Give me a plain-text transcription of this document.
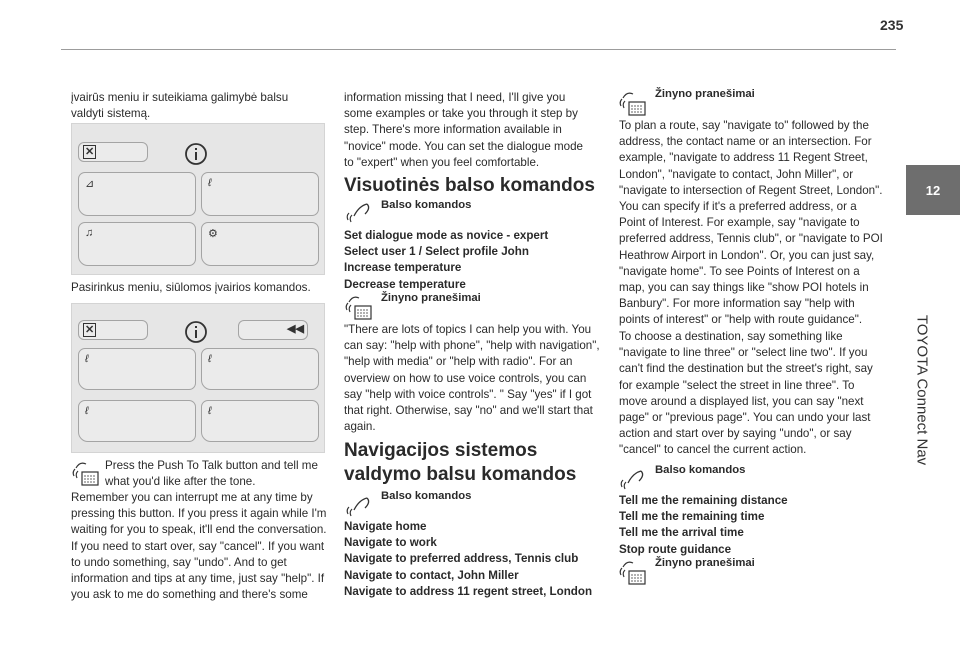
235
12
TOYOTA Connect Nav

įvairūs meniu ir suteikiama galimybė balsu valdyti sistemą.

✕
⊿	ℓ
♫	⚙

Pasirinkus meniu, siūlomos įvairios komandos.

✕	◀◀
ℓ	ℓ
ℓ	ℓ

Press the Push To Talk button and tell me what you'd like after the tone.

Remember you can interrupt me at any time by pressing this button. If you press it again while I'm waiting for you to speak, it'll end the conversation. If you need to start over, say "cancel". If you want to undo something, say "undo". And to get information and tips at any time, just say "help". If you ask to me do something and there's some

information missing that I need, I'll give you some examples or take you through it step by step. There's more information available in "novice" mode. You can set the dialogue mode to "expert" when you feel comfortable.

Visuotinės balso komandos
Balso komandos
Set dialogue mode as novice - expert
Select user 1 / Select profile John
Increase temperature
Decrease temperature
Žinyno pranešimai

"There are lots of topics I can help you with. You can say: "help with phone", "help with navigation", "help with media" or "help with radio". For an overview on how to use voice controls, you can say "help with voice controls". " Say "yes" if I got that right. Otherwise, say "no" and we'll start that again.

Navigacijos sistemos
valdymo balsu komandos
Balso komandos
Navigate home
Navigate to work
Navigate to preferred address, Tennis club
Navigate to contact, John Miller
Navigate to address 11 regent street, London
Žinyno pranešimai

To plan a route, say "navigate to" followed by the address, the contact name or an intersection. For example, "navigate to address 11 Regent Street, London", "navigate to contact, John Miller", or "navigate to intersection of Regent Street, London". You can specify if it's a preferred address, or a Point of Interest. For example, say "navigate to preferred address, Tennis club", or "navigate to POI Heathrow Airport in London". Or, you can just say, "navigate home". To see Points of Interest on a map, you can say things like "show POI hotels in Banbury". For more information say "help with points of interest" or "help with route guidance".

To choose a destination, say something like "navigate to line three" or "select line two". If you can't find the destination but the street's right, say for example "select the street in line three". To move around a displayed list, you can say "next page" or "previous page". You can undo your last action and start over by saying "undo", or say "cancel" to cancel the current action.

Balso komandos
Tell me the remaining distance
Tell me the remaining time
Tell me the arrival time
Stop route guidance
Žinyno pranešimai
